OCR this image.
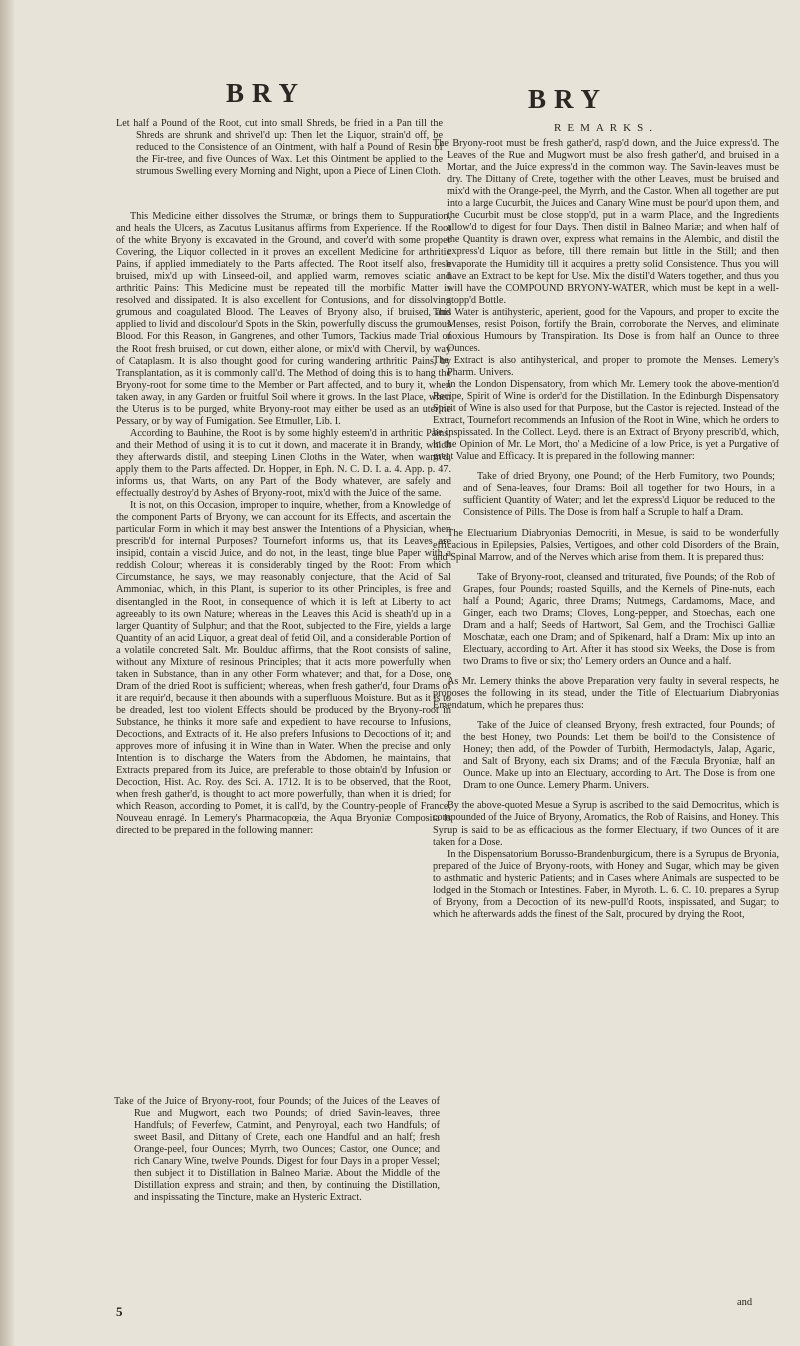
BRY	BRY

Let half a Pound of the Root, cut into small Shreds, be fried in a Pan till the Shreds are shrunk and shrivel'd up: Then let the Liquor, strain'd off, be reduced to the Consistence of an Ointment, with half a Pound of Resin of the Fir-tree, and five Ounces of Wax. Let this Ointment be applied to the strumous Swelling every Morning and Night, upon a Piece of Linen Cloth.

This Medicine either dissolves the Strumæ, or brings them to Suppuration, and heals the Ulcers, as Zacutus Lusitanus affirms from Experience. If the Root of the white Bryony is excavated in the Ground, and cover'd with some proper Covering, the Liquor collected in it proves an excellent Medicine for arthritic Pains, if applied immediately to the Parts affected. The Root itself also, fresh bruised, mix'd up with Linseed-oil, and applied warm, removes sciatic and arthritic Pains: This Medicine must be repeated till the morbific Matter is resolved and dissipated. It is also excellent for Contusions, and for dissolving grumous and coagulated Blood. The Leaves of Bryony also, if bruised, and applied to livid and discolour'd Spots in the Skin, powerfully discuss the grumous Blood. For this Reason, in Gangrenes, and other Tumors, Tackius made Trial of the Root fresh bruised, or cut down, either alone, or mix'd with Chervil, by way of Cataplasm. It is also thought good for curing wandering arthritic Pains, by Transplantation, as it is commonly call'd. The Method of doing this is to hang the Bryony-root for some time to the Member or Part affected, and to bury it, when taken away, in any Garden or fruitful Soil where it grows. In the last Place, when the Uterus is to be purged, white Bryony-root may either be used as an uterine Pessary, or by way of Fumigation. See Etmuller, Lib. I.

According to Bauhine, the Root is by some highly esteem'd in arthritic Pains; and their Method of using it is to cut it down, and macerate it in Brandy, which they afterwards distil, and steeping Linen Cloths in the Water, when warm'd, apply them to the Parts affected. Dr. Hopper, in Eph. N. C. D. I. a. 4. App. p. 47. informs us, that Warts, on any Part of the Body whatever, are safely and effectually destroy'd by Ashes of Bryony-root, mix'd with the Juice of the same.

It is not, on this Occasion, improper to inquire, whether, from a Knowledge of the component Parts of Bryony, we can account for its Effects, and ascertain the particular Form in which it may best answer the Intentions of a Physician, when prescrib'd for internal Purposes? Tournefort informs us, that its Leaves are insipid, contain a viscid Juice, and do not, in the least, tinge blue Paper with a reddish Colour; whereas it is considerably tinged by the Root: From which Circumstance, he says, we may reasonably conjecture, that the Acid of Sal Ammoniac, which, in this Plant, is superior to its other Principles, is free and disentangled in the Root, in consequence of which it is left at Liberty to act agreeably to its own Nature; whereas in the Leaves this Acid is sheath'd up in a larger Quantity of Sulphur; and that the Root, subjected to the Fire, yields a large Quantity of an acid Liquor, a great deal of fetid Oil, and a considerable Portion of a volatile concreted Salt. Mr. Boulduc affirms, that the Root consists of saline, without any Mixture of resinous Principles; that it acts more powerfully when taken in Substance, than in any other Form whatever; and that, for a Dose, one Dram of the dried Root is sufficient; whereas, when fresh gather'd, four Drams of it are requir'd, because it then abounds with a superfluous Moisture. But as it is to be dreaded, lest too violent Effects should be produced by the Bryony-root in Substance, he thinks it more safe and expedient to have recourse to Infusions, Decoctions, and Extracts of it. He also prefers Infusions to Decoctions of it; and approves more of infusing it in Wine than in Water. When the precise and only Intention is to discharge the Waters from the Abdomen, he maintains, that Extracts prepared from its Juice, are preferable to those obtain'd by Infusion or Decoction, Hist. Ac. Roy. des Sci. A. 1712. It is to be observed, that the Root, when fresh gather'd, is thought to act more powerfully, than when it is dried; for which Reason, according to Pomet, it is call'd, by the Country-people of France, Nouveau enragé. In Lemery's Pharmacopœia, the Aqua Bryoniæ Composita is directed to be prepared in the following manner:

Take of the Juice of Bryony-root, four Pounds; of the Juices of the Leaves of Rue and Mugwort, each two Pounds; of dried Savin-leaves, three Handfuls; of Feverfew, Catmint, and Penyroyal, each two Handfuls; of sweet Basil, and Dittany of Crete, each one Handful and an half; fresh Orange-peel, four Ounces; Myrrh, two Ounces; Castor, one Ounce; and rich Canary Wine, twelve Pounds. Digest for four Days in a proper Vessel; then subject it to Distillation in Balneo Mariæ. About the Middle of the Distillation express and strain; and then, by continuing the Distillation, and inspissating the Tincture, make an Hysteric Extract.

REMARKS.

The Bryony-root must be fresh gather'd, rasp'd down, and the Juice express'd. The Leaves of the Rue and Mugwort must be also fresh gather'd, and bruised in a Mortar, and the Juice express'd in the common way. The Savin-leaves must be dry. The Dittany of Crete, together with the other Leaves, must be bruised and mix'd with the Orange-peel, the Myrrh, and the Castor. When all together are put into a large Cucurbit, the Juices and Canary Wine must be pour'd upon them, and the Cucurbit must be close stopp'd, put in a warm Place, and the Ingredients allow'd to digest for four Days. Then distil in Balneo Mariæ; and when half of the Quantity is drawn over, express what remains in the Alembic, and distil the express'd Liquor as before, till there remain but little in the Still; and then evaporate the Humidity till it acquires a pretty solid Consistence. Thus you will have an Extract to be kept for Use. Mix the distil'd Waters together, and thus you will have the COMPOUND BRYONY-WATER, which must be kept in a well-stopp'd Bottle.

This Water is antihysteric, aperient, good for the Vapours, and proper to excite the Menses, resist Poison, fortify the Brain, corroborate the Nerves, and eliminate noxious Humours by Transpiration. Its Dose is from half an Ounce to three Ounces.

The Extract is also antihysterical, and proper to promote the Menses. Lemery's Pharm. Univers.

In the London Dispensatory, from which Mr. Lemery took the above-mention'd Recipe, Spirit of Wine is order'd for the Distillation. In the Edinburgh Dispensatory Spirit of Wine is also used for that Purpose, but the Castor is rejected. Instead of the Extract, Tournefort recommends an Infusion of the Root in Wine, which he orders to be inspissated. In the Collect. Leyd. there is an Extract of Bryony prescrib'd, which, in the Opinion of Mr. Le Mort, tho' a Medicine of a low Price, is yet a Purgative of great Value and Efficacy. It is prepared in the following manner:

Take of dried Bryony, one Pound; of the Herb Fumitory, two Pounds; and of Sena-leaves, four Drams: Boil all together for two Hours, in a sufficient Quantity of Water; and let the express'd Liquor be reduced to the Consistence of Pills. The Dose is from half a Scruple to half a Dram.

The Electuarium Diabryonias Democriti, in Mesue, is said to be wonderfully efficacious in Epilepsies, Palsies, Vertigoes, and other cold Disorders of the Brain, and Spinal Marrow, and of the Nerves which arise from them. It is prepared thus:

Take of Bryony-root, cleansed and triturated, five Pounds; of the Rob of Grapes, four Pounds; roasted Squills, and the Kernels of Pine-nuts, each half a Pound; Agaric, three Drams; Nutmegs, Cardamoms, Mace, and Ginger, each two Drams; Cloves, Long-pepper, and Stoechas, each one Dram and a half; Seeds of Hartwort, Sal Gem, and the Trochisci Galliæ Moschatæ, each one Dram; and of Spikenard, half a Dram: Mix up into an Electuary, according to Art. After it has stood six Weeks, the Dose is from two Drams to five or six; tho' Lemery orders an Ounce and a half.

As Mr. Lemery thinks the above Preparation very faulty in several respects, he proposes the following in its stead, under the Title of Electuarium Diabryonias Emendatum, which he prepares thus:

Take of the Juice of cleansed Bryony, fresh extracted, four Pounds; of the best Honey, two Pounds: Let them be boil'd to the Consistence of Honey; then add, of the Powder of Turbith, Hermodactyls, Jalap, Agaric, and Salt of Bryony, each six Drams; and of the Fæcula Bryoniæ, half an Ounce. Make up into an Electuary, according to Art. The Dose is from one Dram to one Ounce. Lemery Pharm. Univers.

By the above-quoted Mesue a Syrup is ascribed to the said Democritus, which is compounded of the Juice of Bryony, Aromatics, the Rob of Raisins, and Honey. This Syrup is said to be as efficacious as the former Electuary, if two Ounces of it are taken for a Dose.

In the Dispensatorium Borusso-Brandenburgicum, there is a Syrupus de Bryonia, prepared of the Juice of Bryony-roots, with Honey and Sugar, which may be given to asthmatic and hysteric Patients; and in Cases where Animals are suspected to be lodged in the Stomach or Intestines. Faber, in Myroth. L. 6. C. 10. prepares a Syrup of Bryony, from a Decoction of its new-pull'd Roots, inspissated, and Sugar; to which he afterwards adds the finest of the Salt, procured by drying the Root,

5
and
